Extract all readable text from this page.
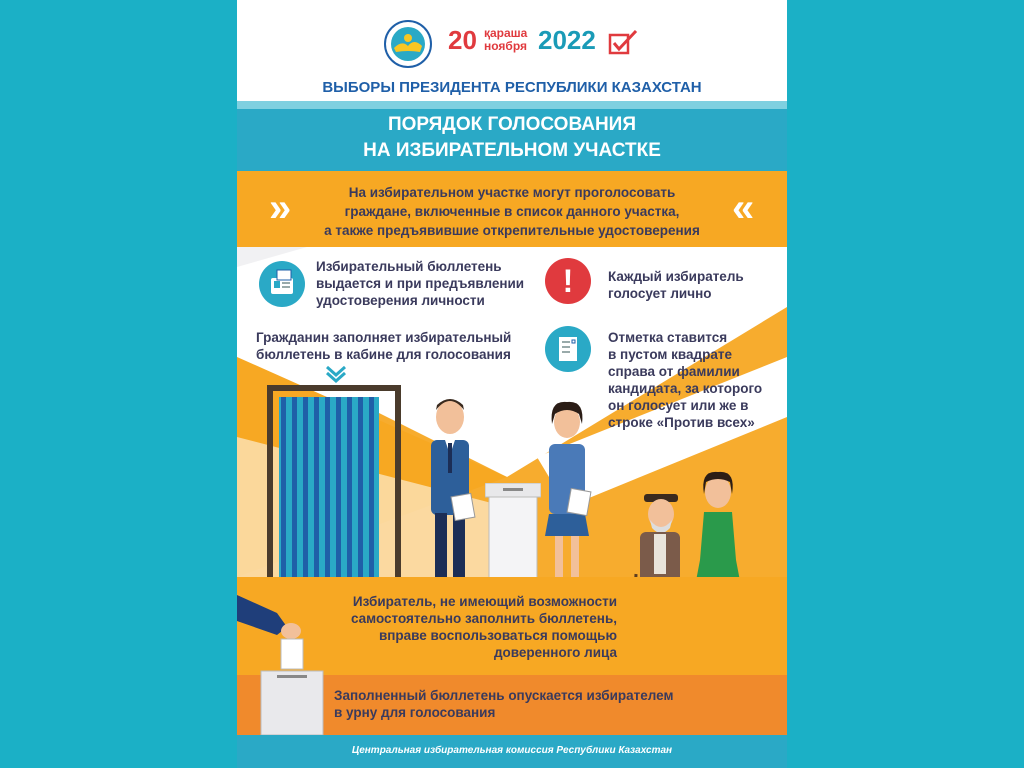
20 қараша
ноября 2022
ВЫБОРЫ ПРЕЗИДЕНТА РЕСПУБЛИКИ КАЗАХСТАН
ПОРЯДОК ГОЛОСОВАНИЯ
НА ИЗБИРАТЕЛЬНОМ УЧАСТКЕ
»	«
На избирательном участке могут проголосовать
граждане, включенные в список данного участка,
а также предъявившие открепительные удостоверения
Избирательный бюллетень
выдается и при предъявлении
удостоверения личности
!	Каждый избиратель
голосует лично
Гражданин заполняет избирательный
бюллетень в кабине для голосования
Отметка ставится
в пустом квадрате
справа от фамилии
кандидата, за которого
он голосует или же в
строке «Против всех»
Избиратель, не имеющий возможности
самостоятельно заполнить бюллетень,
вправе воспользоваться помощью
доверенного лица
Заполненный бюллетень опускается избирателем
в урну для голосования
Центральная избирательная комиссия Республики Казахстан
